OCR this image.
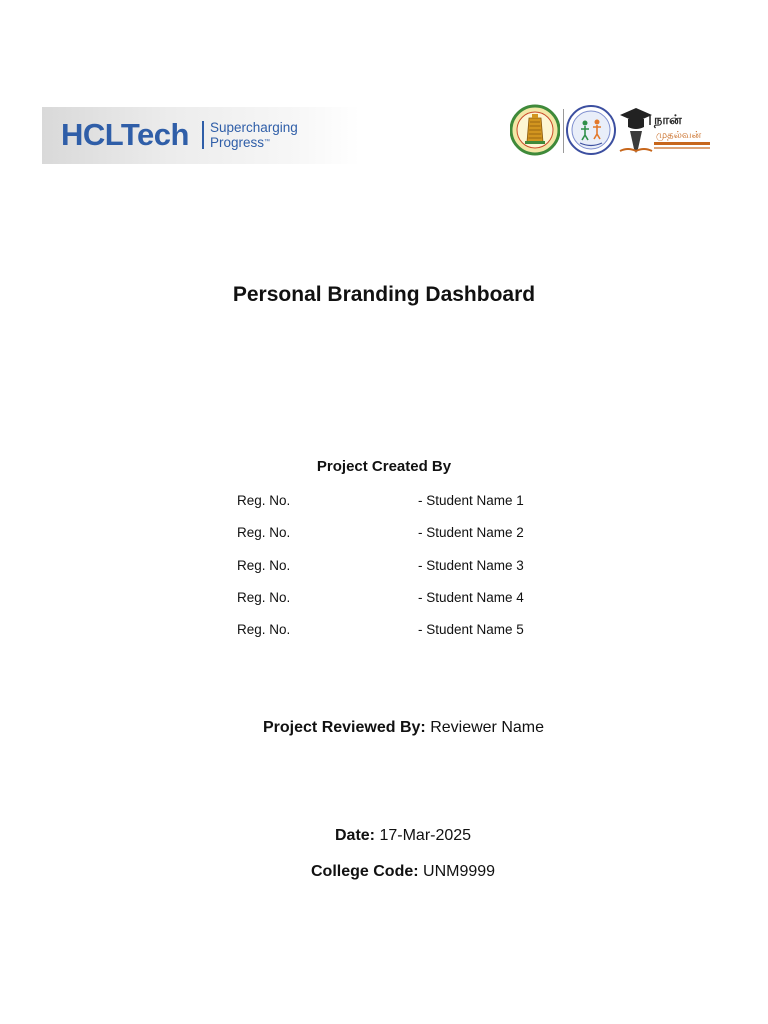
HCLTech Supercharging
Progress™
நான்
முதல்வன்
Personal Branding Dashboard
Project Created By
Reg. No.	- Student Name 1
Reg. No.	- Student Name 2
Reg. No.	- Student Name 3
Reg. No.	- Student Name 4
Reg. No.	- Student Name 5
Project Reviewed By: Reviewer Name
Date: 17-Mar-2025
College Code: UNM9999
